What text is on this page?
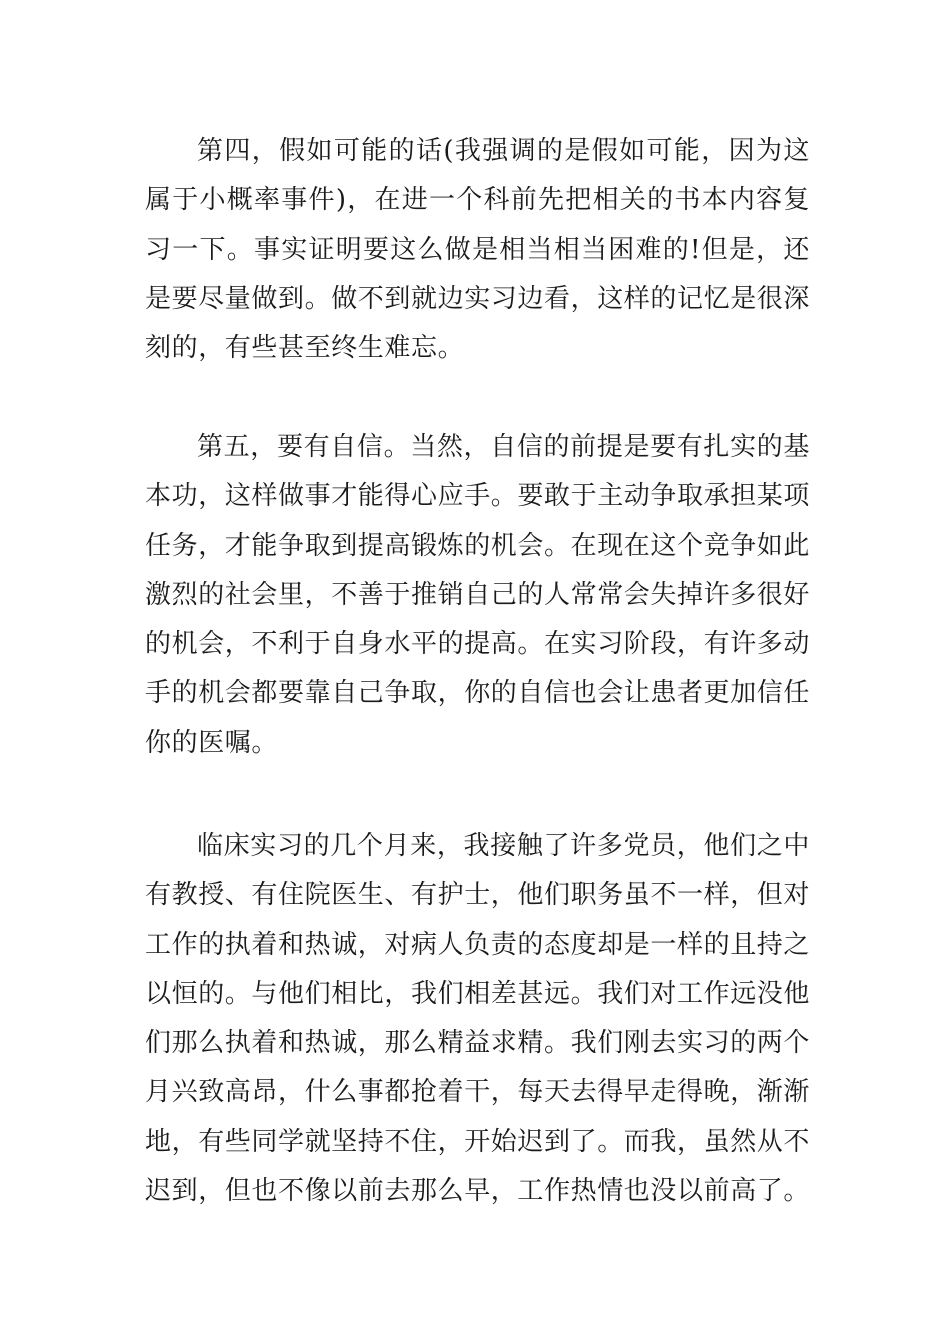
第四，假如可能的话(我强调的是假如可能，因为这属于小概率事件)，在进一个科前先把相关的书本内容复习一下。事实证明要这么做是相当相当困难的!但是，还是要尽量做到。做不到就边实习边看，这样的记忆是很深刻的，有些甚至终生难忘。

第五，要有自信。当然，自信的前提是要有扎实的基本功，这样做事才能得心应手。要敢于主动争取承担某项任务，才能争取到提高锻炼的机会。在现在这个竞争如此激烈的社会里，不善于推销自己的人常常会失掉许多很好的机会，不利于自身水平的提高。在实习阶段，有许多动手的机会都要靠自己争取，你的自信也会让患者更加信任你的医嘱。

临床实习的几个月来，我接触了许多党员，他们之中有教授、有住院医生、有护士，他们职务虽不一样，但对工作的执着和热诚，对病人负责的态度却是一样的且持之以恒的。与他们相比，我们相差甚远。我们对工作远没他们那么执着和热诚，那么精益求精。我们刚去实习的两个月兴致高昂，什么事都抢着干，每天去得早走得晚，渐渐地，有些同学就坚持不住，开始迟到了。而我，虽然从不迟到，但也不像以前去那么早，工作热情也没以前高了。
